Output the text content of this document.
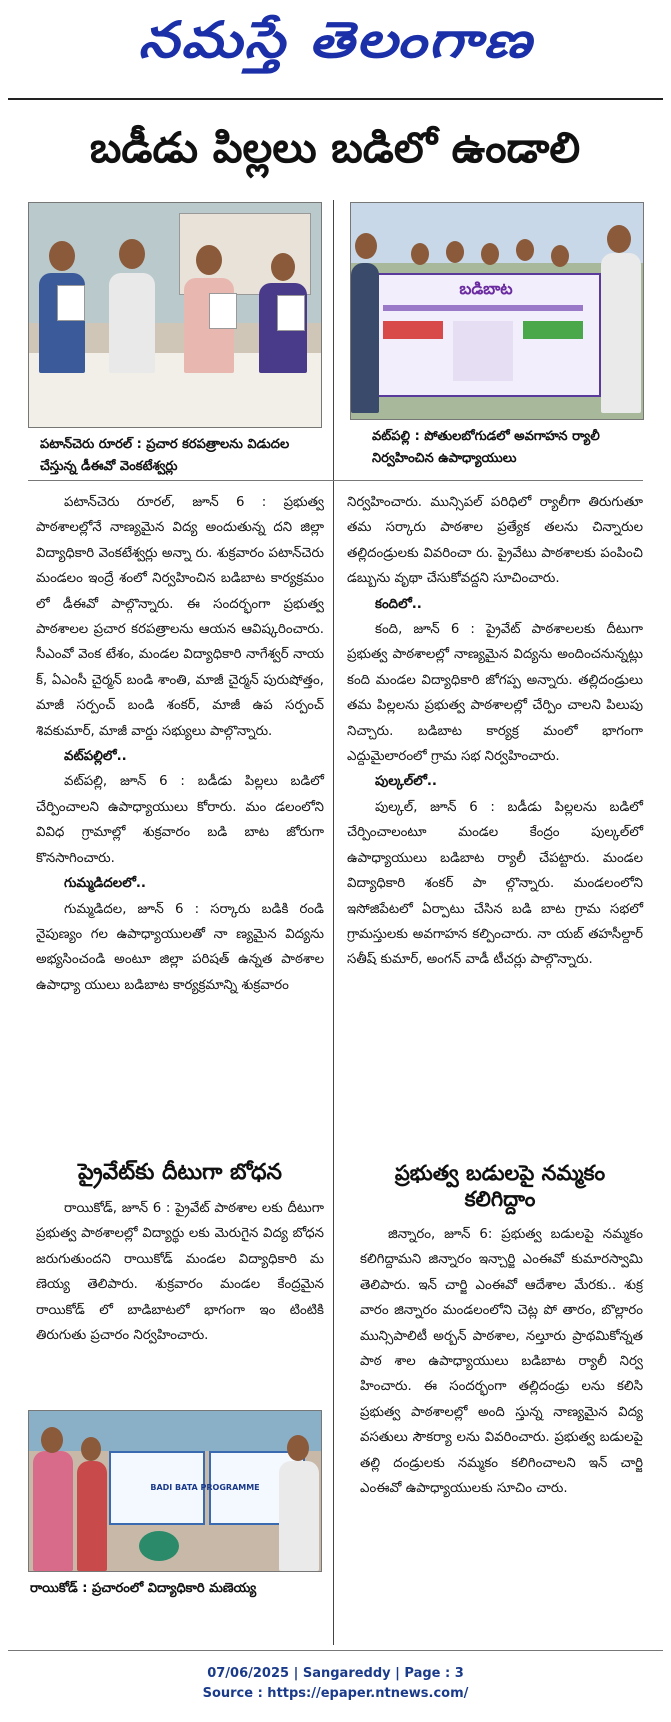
నమస్తే తెలంగాణ
బడీడు పిల్లలు బడిలో ఉండాలి
పటాన్‌చెరు రూరల్ : ప్రచార కరపత్రాలను విడుదల చేస్తున్న డీఈవో వెంకటేశ్వర్లు
బడిబాట
వట్‌పల్లి : పోతులబోగుడలో అవగాహన ర్యాలీ నిర్వహించిన ఉపాధ్యాయులు

పటాన్‌చెరు రూరల్, జూన్ 6 : ప్రభుత్వ పాఠశాలల్లోనే నాణ్యమైన విద్య అందుతున్న దని జిల్లా విద్యాధికారి వెంకటేశ్వర్లు అన్నా రు. శుక్రవారం పటాన్‌చెరు మండలం ఇంద్రే శంలో నిర్వహించిన బడిబాట కార్యక్రమం లో డీఈవో పాల్గొన్నారు. ఈ సందర్భంగా ప్రభుత్వ పాఠశాలల ప్రచార కరపత్రాలను ఆయన ఆవిష్కరించారు. సీఎంవో వెంక టేశం, మండల విద్యాధికారి నాగేశ్వర్ నాయ క్, ఏఎంసీ చైర్మన్ బండి శాంతి, మాజీ చైర్మన్ పురుషోత్తం, మాజీ సర్పంచ్ బండి శంకర్, మాజీ ఉప సర్పంచ్ శివకుమార్, మాజీ వార్డు సభ్యులు పాల్గొన్నారు.

వట్‌పల్లిలో..

వట్‌పల్లి, జూన్ 6 : బడీడు పిల్లలు బడిలో చేర్పించాలని ఉపాధ్యాయులు కోరారు. మం డలంలోని వివిధ గ్రామాల్లో శుక్రవారం బడి బాట జోరుగా కొనసాగించారు.

గుమ్మడిదలలో..

గుమ్మడిదల, జూన్ 6 : సర్కారు బడికి రండి నైపుణ్యం గల ఉపాధ్యాయులతో నా ణ్యమైన విద్యను అభ్యసించండి అంటూ జిల్లా పరిషత్ ఉన్నత పాఠశాల ఉపాధ్యా యులు బడిబాట కార్యక్రమాన్ని శుక్రవారం

ప్రైవేట్‌కు దీటుగా బోధన

రాయికోడ్, జూన్ 6 : ప్రైవేట్ పాఠశాల లకు దీటుగా ప్రభుత్వ పాఠశాలల్లో విద్యార్థు లకు మెరుగైన విద్య బోధన జరుగుతుందని రాయికోడ్ మండల విద్యాధికారి మ ణెయ్య తెలిపారు. శుక్రవారం మండల కేంద్రమైన రాయికోడ్ లో బాడిబాటలో భాగంగా ఇం టింటికి తిరుగుతు ప్రచారం నిర్వహించారు.

BADI BATA PROGRAMME
రాయికోడ్ : ప్రచారంలో విద్యాధికారి మణెయ్య

నిర్వహించారు. మున్సిపల్ పరిధిలో ర్యాలీగా తిరుగుతూ తమ సర్కారు పాఠశాల ప్రత్యేక తలను చిన్నారుల తల్లిదండ్రులకు వివరించా రు. ప్రైవేటు పాఠశాలకు పంపించి డబ్బును వృథా చేసుకోవద్దని సూచించారు.

కందిలో..

కంది, జూన్ 6 : ప్రైవేట్ పాఠశాలలకు దీటుగా ప్రభుత్వ పాఠశాలల్లో నాణ్యమైన విద్యను అందించనున్నట్లు కంది మండల విద్యాధికారి జోగప్ప అన్నారు. తల్లిదండ్రులు తమ పిల్లలను ప్రభుత్వ పాఠశాలల్లో చేర్పిం చాలని పిలుపు నిచ్చారు. బడిబాట కార్యక్ర మంలో భాగంగా ఎద్దుమైలారంలో గ్రామ సభ నిర్వహించారు.

పుల్కల్‌లో..

పుల్కల్, జూన్ 6 : బడీడు పిల్లలను బడిలో చేర్పించాలంటూ మండల కేంద్రం పుల్కల్‌లో ఉపాధ్యాయులు బడిబాట ర్యాలీ చేపట్టారు. మండల విద్యాధికారి శంకర్ పా ల్గొన్నారు. మండలంలోని ఇసోజిపేటలో ఏర్పాటు చేసిన బడి బాట గ్రామ సభలో గ్రామస్తులకు అవగాహన కల్పించారు. నా యబ్ తహసీల్దార్ సతీష్ కుమార్, అంగన్ వాడీ టీచర్లు పాల్గొన్నారు.

ప్రభుత్వ బడులపై నమ్మకం కలిగిద్దాం

జిన్నారం, జూన్ 6: ప్రభుత్వ బడులపై నమ్మకం కలిగిద్దామని జిన్నారం ఇన్చార్జి ఎంఈవో కుమారస్వామి తెలిపారు. ఇన్ చార్జి ఎంఈవో ఆదేశాల మేరకు.. శుక్ర వారం జిన్నారం మండలంలోని చెట్ల పో తారం, బొల్లారం మున్సిపాలిటీ అర్బన్ పాఠశాల, నల్తూరు ప్రాథమికోన్నత పాఠ శాల ఉపాధ్యాయులు బడిబాట ర్యాలీ నిర్వ హించారు. ఈ సందర్భంగా తల్లిదండ్రు లను కలిసి ప్రభుత్వ పాఠశాలల్లో అంది స్తున్న నాణ్యమైన విద్య వసతులు సౌకర్యా లను వివరించారు. ప్రభుత్వ బడులపై తల్లి దండ్రులకు నమ్మకం కలిగించాలని ఇన్ చార్జి ఎంఈవో ఉపాధ్యాయులకు సూచిం చారు.

07/06/2025 | Sangareddy | Page : 3
Source : https://epaper.ntnews.com/
